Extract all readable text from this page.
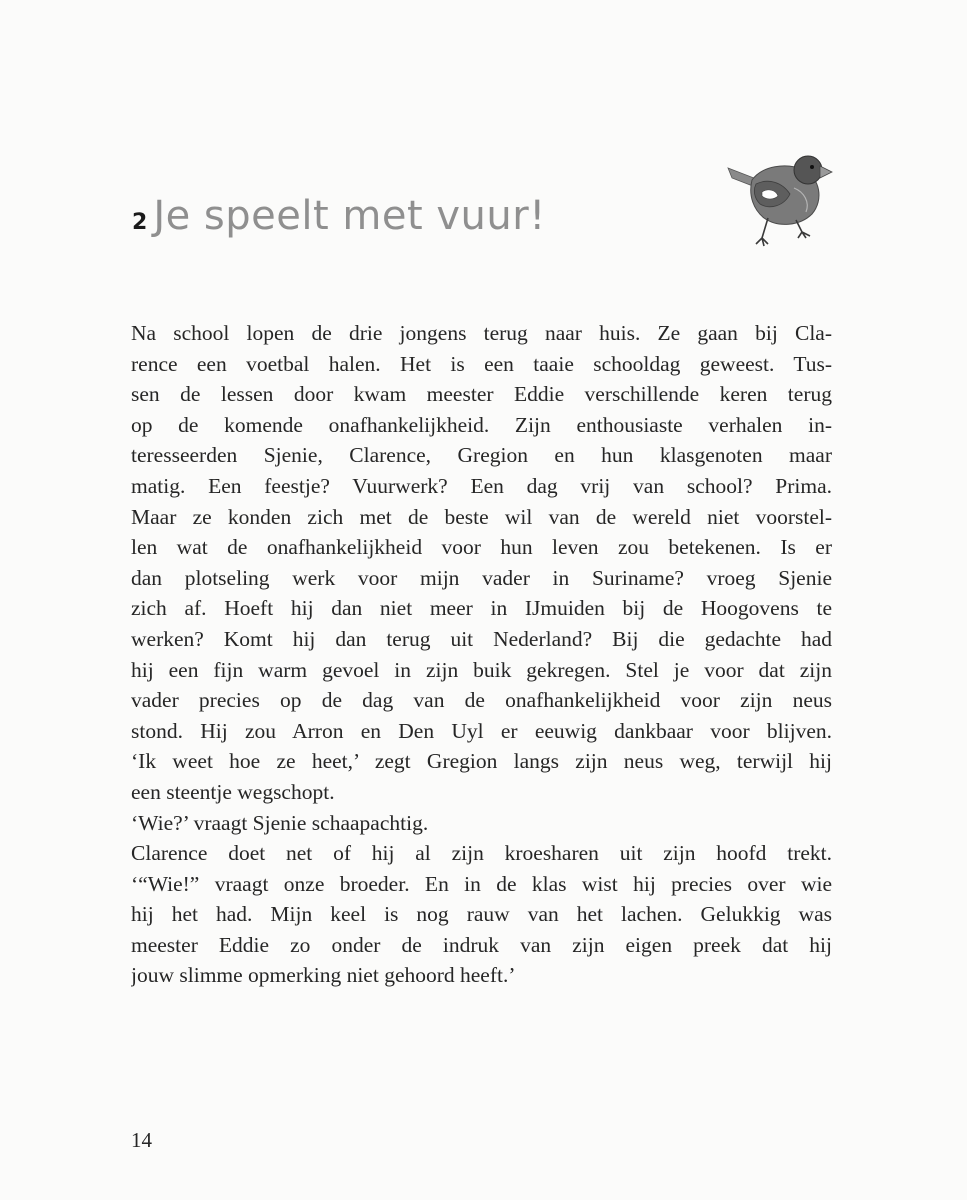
2 Je speelt met vuur!
Na school lopen de drie jongens terug naar huis. Ze gaan bij Cla-
rence een voetbal halen. Het is een taaie schooldag geweest. Tus-
sen de lessen door kwam meester Eddie verschillende keren terug
op de komende onafhankelijkheid. Zijn enthousiaste verhalen in-
teresseerden Sjenie, Clarence, Gregion en hun klasgenoten maar
matig. Een feestje? Vuurwerk? Een dag vrij van school? Prima.
Maar ze konden zich met de beste wil van de wereld niet voorstel-
len wat de onafhankelijkheid voor hun leven zou betekenen. Is er
dan plotseling werk voor mijn vader in Suriname? vroeg Sjenie
zich af. Hoeft hij dan niet meer in IJmuiden bij de Hoogovens te
werken? Komt hij dan terug uit Nederland? Bij die gedachte had
hij een fijn warm gevoel in zijn buik gekregen. Stel je voor dat zijn
vader precies op de dag van de onafhankelijkheid voor zijn neus
stond. Hij zou Arron en Den Uyl er eeuwig dankbaar voor blijven.
‘Ik weet hoe ze heet,’ zegt Gregion langs zijn neus weg, terwijl hij
een steentje wegschopt.
‘Wie?’ vraagt Sjenie schaapachtig.
Clarence doet net of hij al zijn kroesharen uit zijn hoofd trekt.
‘“Wie!” vraagt onze broeder. En in de klas wist hij precies over wie
hij het had. Mijn keel is nog rauw van het lachen. Gelukkig was
meester Eddie zo onder de indruk van zijn eigen preek dat hij
jouw slimme opmerking niet gehoord heeft.’

14
